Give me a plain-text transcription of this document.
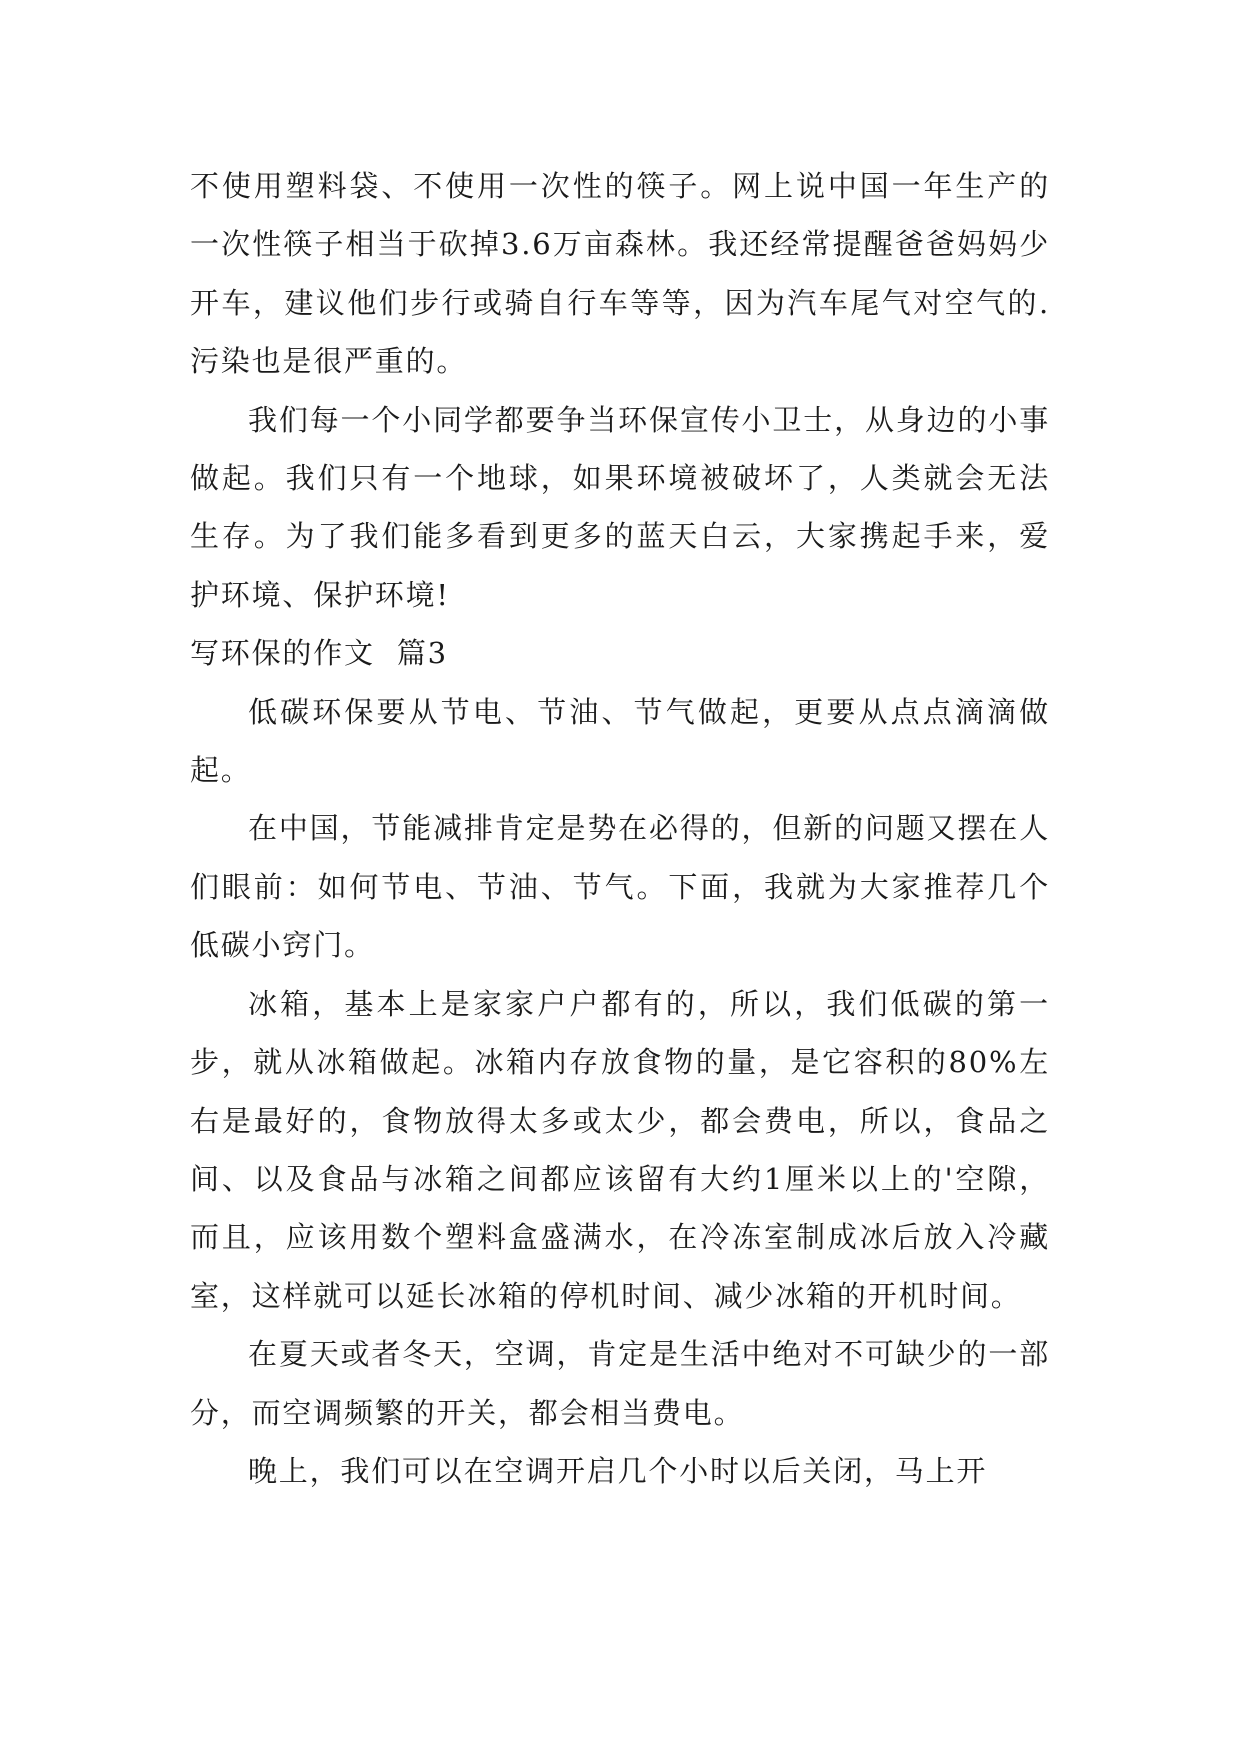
不使用塑料袋、不使用一次性的筷子。网上说中国一年生产的一次性筷子相当于砍掉3.6万亩森林。我还经常提醒爸爸妈妈少开车，建议他们步行或骑自行车等等，因为汽车尾气对空气的.污染也是很严重的。

我们每一个小同学都要争当环保宣传小卫士，从身边的小事做起。我们只有一个地球，如果环境被破坏了，人类就会无法生存。为了我们能多看到更多的蓝天白云，大家携起手来，爱护环境、保护环境!

写环保的作文  篇3

低碳环保要从节电、节油、节气做起，更要从点点滴滴做起。

在中国，节能减排肯定是势在必得的，但新的问题又摆在人们眼前：如何节电、节油、节气。下面，我就为大家推荐几个低碳小窍门。

冰箱，基本上是家家户户都有的，所以，我们低碳的第一步，就从冰箱做起。冰箱内存放食物的量，是它容积的80%左右是最好的，食物放得太多或太少，都会费电，所以，食品之间、以及食品与冰箱之间都应该留有大约1厘米以上的'空隙，而且，应该用数个塑料盒盛满水，在冷冻室制成冰后放入冷藏室，这样就可以延长冰箱的停机时间、减少冰箱的开机时间。

在夏天或者冬天，空调，肯定是生活中绝对不可缺少的一部分，而空调频繁的开关，都会相当费电。

晚上，我们可以在空调开启几个小时以后关闭，马上开
